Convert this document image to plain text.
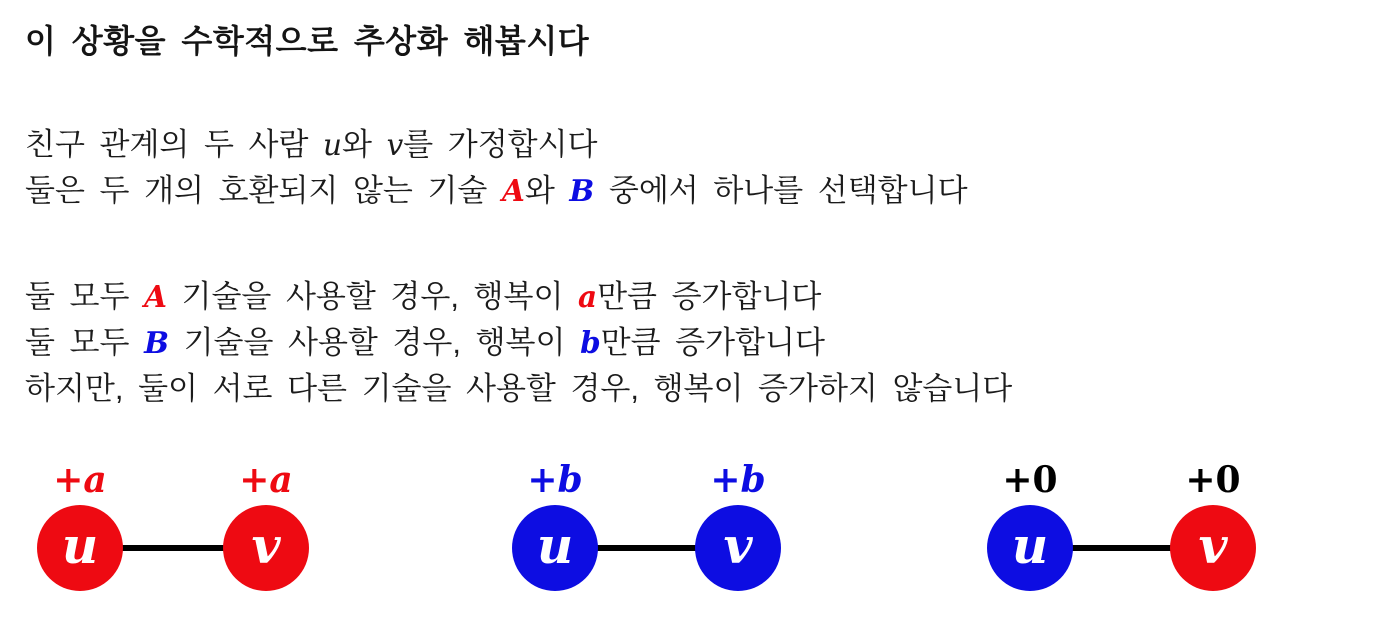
이 상황을 수학적으로 추상화 해봅시다
친구 관계의 두 사람 u와 v를 가정합시다
둘은 두 개의 호환되지 않는 기술 A와 B 중에서 하나를 선택합니다
둘 모두 A 기술을 사용할 경우, 행복이 a만큼 증가합니다
둘 모두 B 기술을 사용할 경우, 행복이 b만큼 증가합니다
하지만, 둘이 서로 다른 기술을 사용할 경우, 행복이 증가하지 않습니다
+a	+a
u	v
+b	+b
u	v
+0	+0
u	v
